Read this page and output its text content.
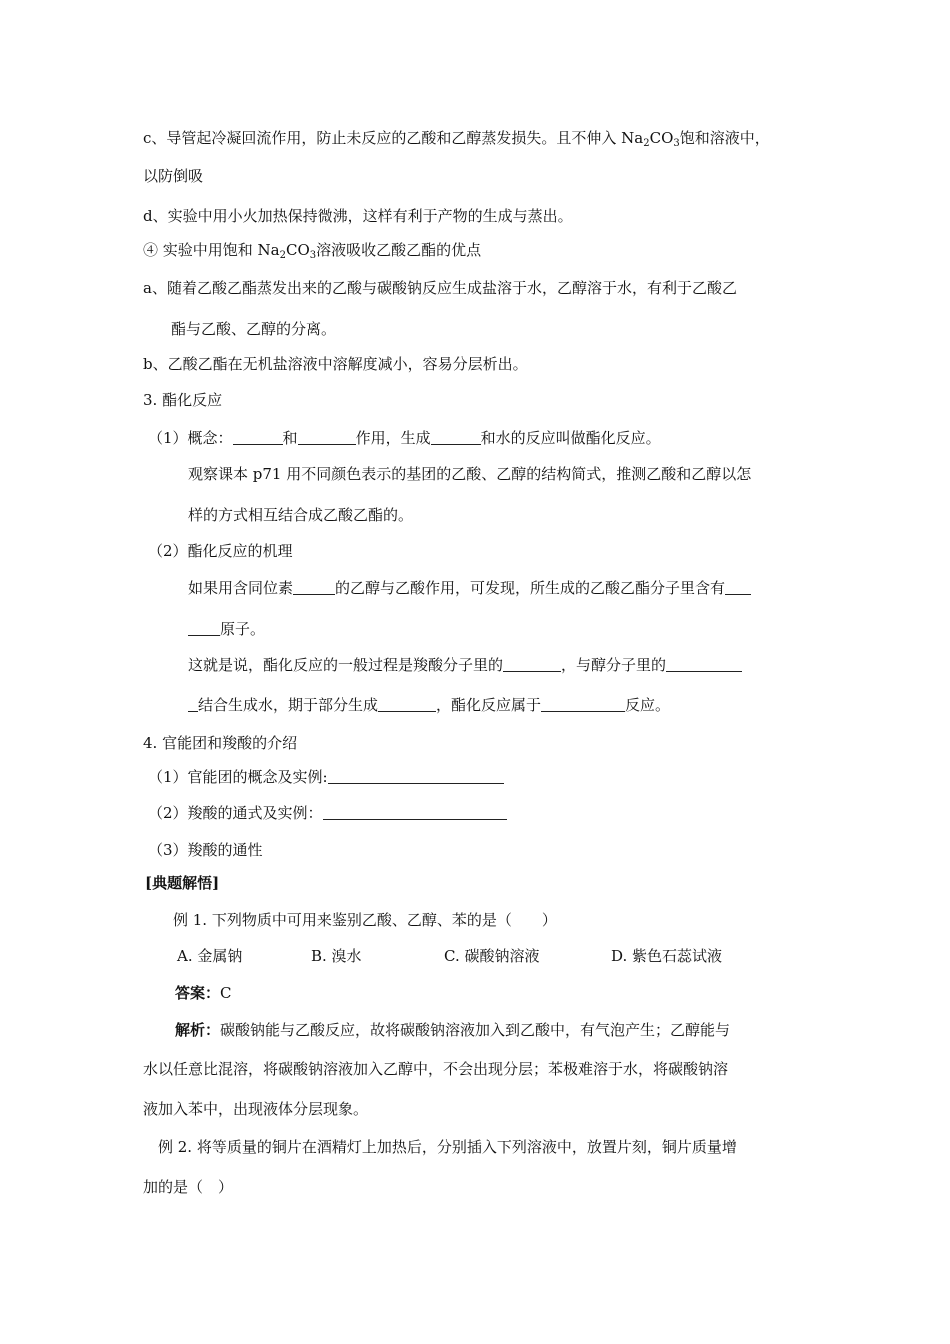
c、导管起冷凝回流作用，防止未反应的乙酸和乙醇蒸发损失。且不伸入 $Na_2CO_3$饱和溶液中，
以防倒吸
d、实验中用小火加热保持微沸，这样有利于产物的生成与蒸出。
④ 实验中用饱和 $Na_2CO_3$溶液吸收乙酸乙酯的优点
a、随着乙酸乙酯蒸发出来的乙酸与碳酸钠反应生成盐溶于水，乙醇溶于水，有利于乙酸乙
酯与乙酸、乙醇的分离。
b、乙酸乙酯在无机盐溶液中溶解度减小，容易分层析出。
3. 酯化反应
（1）概念：	和	作用，生成	和水的反应叫做酯化反应。
观察课本 p71 用不同颜色表示的基团的乙酸、乙醇的结构简式，推测乙酸和乙醇以怎
样的方式相互结合成乙酸乙酯的。
（2）酯化反应的机理
如果用含同位素	的乙醇与乙酸作用，可发现，所生成的乙酸乙酯分子里含有
原子。
这就是说，酯化反应的一般过程是羧酸分子里的	，与醇分子里的
结合生成水，期于部分生成	，酯化反应属于	反应。
4. 官能团和羧酸的介绍
（1）官能团的概念及实例:
（2）羧酸的通式及实例：
（3）羧酸的通性
[典题解悟]
例 1. 下列物质中可用来鉴别乙酸、乙醇、苯的是（　　）
A. 金属钠	B. 溴水	C. 碳酸钠溶液	D. 紫色石蕊试液
答案：C
解析：碳酸钠能与乙酸反应，故将碳酸钠溶液加入到乙酸中，有气泡产生；乙醇能与
水以任意比混溶，将碳酸钠溶液加入乙醇中，不会出现分层；苯极难溶于水，将碳酸钠溶
液加入苯中，出现液体分层现象。
例 2. 将等质量的铜片在酒精灯上加热后，分别插入下列溶液中，放置片刻，铜片质量增
加的是（　）
